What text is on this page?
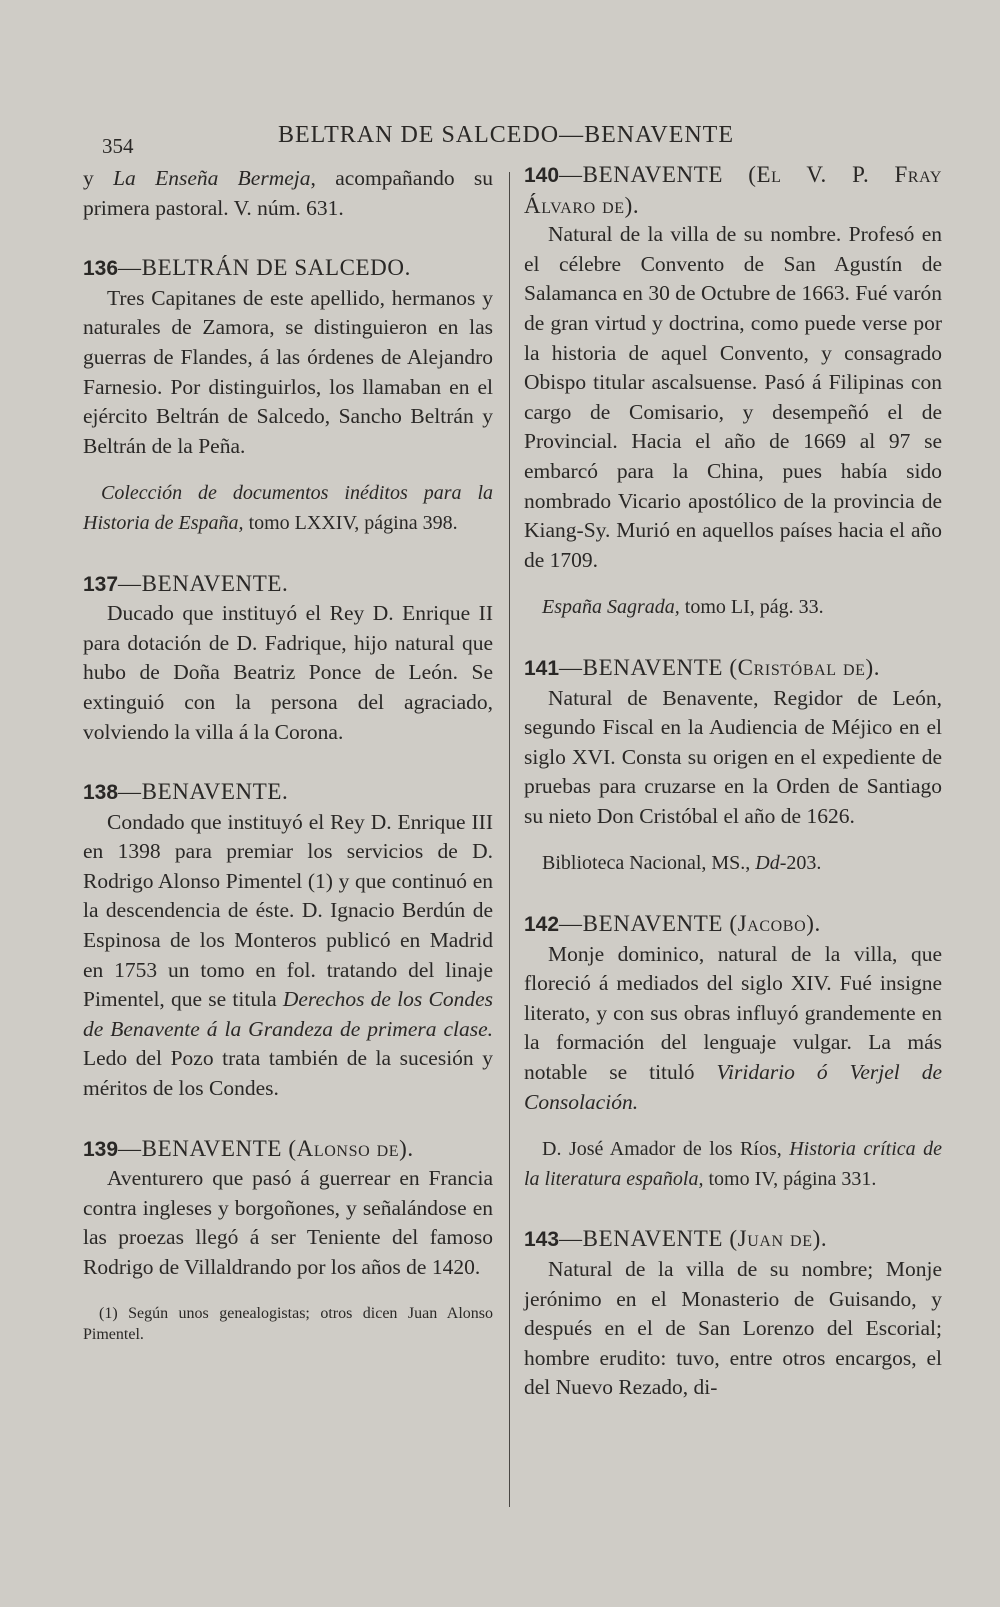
354	BELTRAN DE SALCEDO—BENAVENTE

y La Enseña Bermeja, acompañando su primera pastoral. V. núm. 631.

136—BELTRÁN DE SALCEDO.

Tres Capitanes de este apellido, hermanos y naturales de Zamora, se distinguieron en las guerras de Flandes, á las órdenes de Alejandro Farnesio. Por distinguirlos, los llamaban en el ejército Beltrán de Salcedo, Sancho Beltrán y Beltrán de la Peña.

Colección de documentos inéditos para la Historia de España, tomo LXXIV, página 398.

137—BENAVENTE.

Ducado que instituyó el Rey D. Enrique II para dotación de D. Fadrique, hijo natural que hubo de Doña Beatriz Ponce de León. Se extinguió con la persona del agraciado, volviendo la villa á la Corona.

138—BENAVENTE.

Condado que instituyó el Rey D. Enrique III en 1398 para premiar los servicios de D. Rodrigo Alonso Pimentel (1) y que continuó en la descendencia de éste. D. Ignacio Berdún de Espinosa de los Monteros publicó en Madrid en 1753 un tomo en fol. tratando del linaje Pimentel, que se titula Derechos de los Condes de Benavente á la Grandeza de primera clase. Ledo del Pozo trata también de la sucesión y méritos de los Condes.

139—BENAVENTE (Alonso de).

Aventurero que pasó á guerrear en Francia contra ingleses y borgoñones, y señalándose en las proezas llegó á ser Teniente del famoso Rodrigo de Villaldrando por los años de 1420.

(1) Según unos genealogistas; otros dicen Juan Alonso Pimentel.

140—BENAVENTE (El V. P. Fray Álvaro de).

Natural de la villa de su nombre. Profesó en el célebre Convento de San Agustín de Salamanca en 30 de Octubre de 1663. Fué varón de gran virtud y doctrina, como puede verse por la historia de aquel Convento, y consagrado Obispo titular ascalsuense. Pasó á Filipinas con cargo de Comisario, y desempeñó el de Provincial. Hacia el año de 1669 al 97 se embarcó para la China, pues había sido nombrado Vicario apostólico de la provincia de Kiang-Sy. Murió en aquellos países hacia el año de 1709.

España Sagrada, tomo LI, pág. 33.

141—BENAVENTE (Cristóbal de).

Natural de Benavente, Regidor de León, segundo Fiscal en la Audiencia de Méjico en el siglo XVI. Consta su origen en el expediente de pruebas para cruzarse en la Orden de Santiago su nieto Don Cristóbal el año de 1626.

Biblioteca Nacional, MS., Dd-203.

142—BENAVENTE (Jacobo).

Monje dominico, natural de la villa, que floreció á mediados del siglo XIV. Fué insigne literato, y con sus obras influyó grandemente en la formación del lenguaje vulgar. La más notable se tituló Viridario ó Verjel de Consolación.

D. José Amador de los Ríos, Historia crítica de la literatura española, tomo IV, página 331.

143—BENAVENTE (Juan de).

Natural de la villa de su nombre; Monje jerónimo en el Monasterio de Guisando, y después en el de San Lorenzo del Escorial; hombre erudito: tuvo, entre otros encargos, el del Nuevo Rezado, di-
